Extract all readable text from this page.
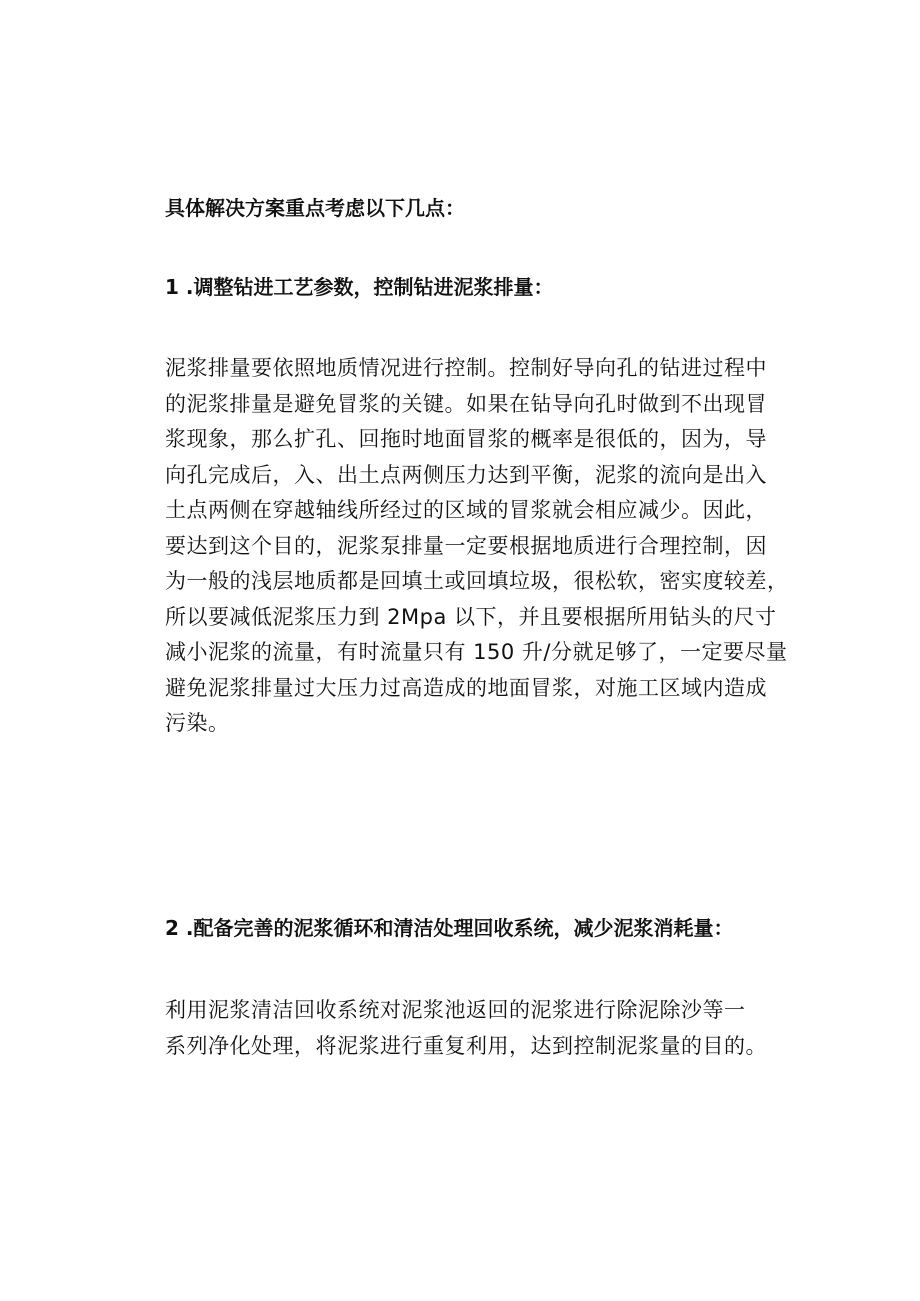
具体解决方案重点考虑以下几点：
1 .调整钻进工艺参数，控制钻进泥浆排量：
泥浆排量要依照地质情况进行控制。控制好导向孔的钻进过程中
的泥浆排量是避免冒浆的关键。如果在钻导向孔时做到不出现冒
浆现象，那么扩孔、回拖时地面冒浆的概率是很低的，因为，导
向孔完成后，入、出土点两侧压力达到平衡，泥浆的流向是出入
土点两侧在穿越轴线所经过的区域的冒浆就会相应减少。因此，
要达到这个目的，泥浆泵排量一定要根据地质进行合理控制，因
为一般的浅层地质都是回填土或回填垃圾，很松软，密实度较差，
所以要减低泥浆压力到 2Mpa 以下，并且要根据所用钻头的尺寸
减小泥浆的流量，有时流量只有 150 升/分就足够了，一定要尽量
避免泥浆排量过大压力过高造成的地面冒浆，对施工区域内造成
污染。
2 .配备完善的泥浆循环和清洁处理回收系统，减少泥浆消耗量：
利用泥浆清洁回收系统对泥浆池返回的泥浆进行除泥除沙等一
系列净化处理，将泥浆进行重复利用，达到控制泥浆量的目的。
